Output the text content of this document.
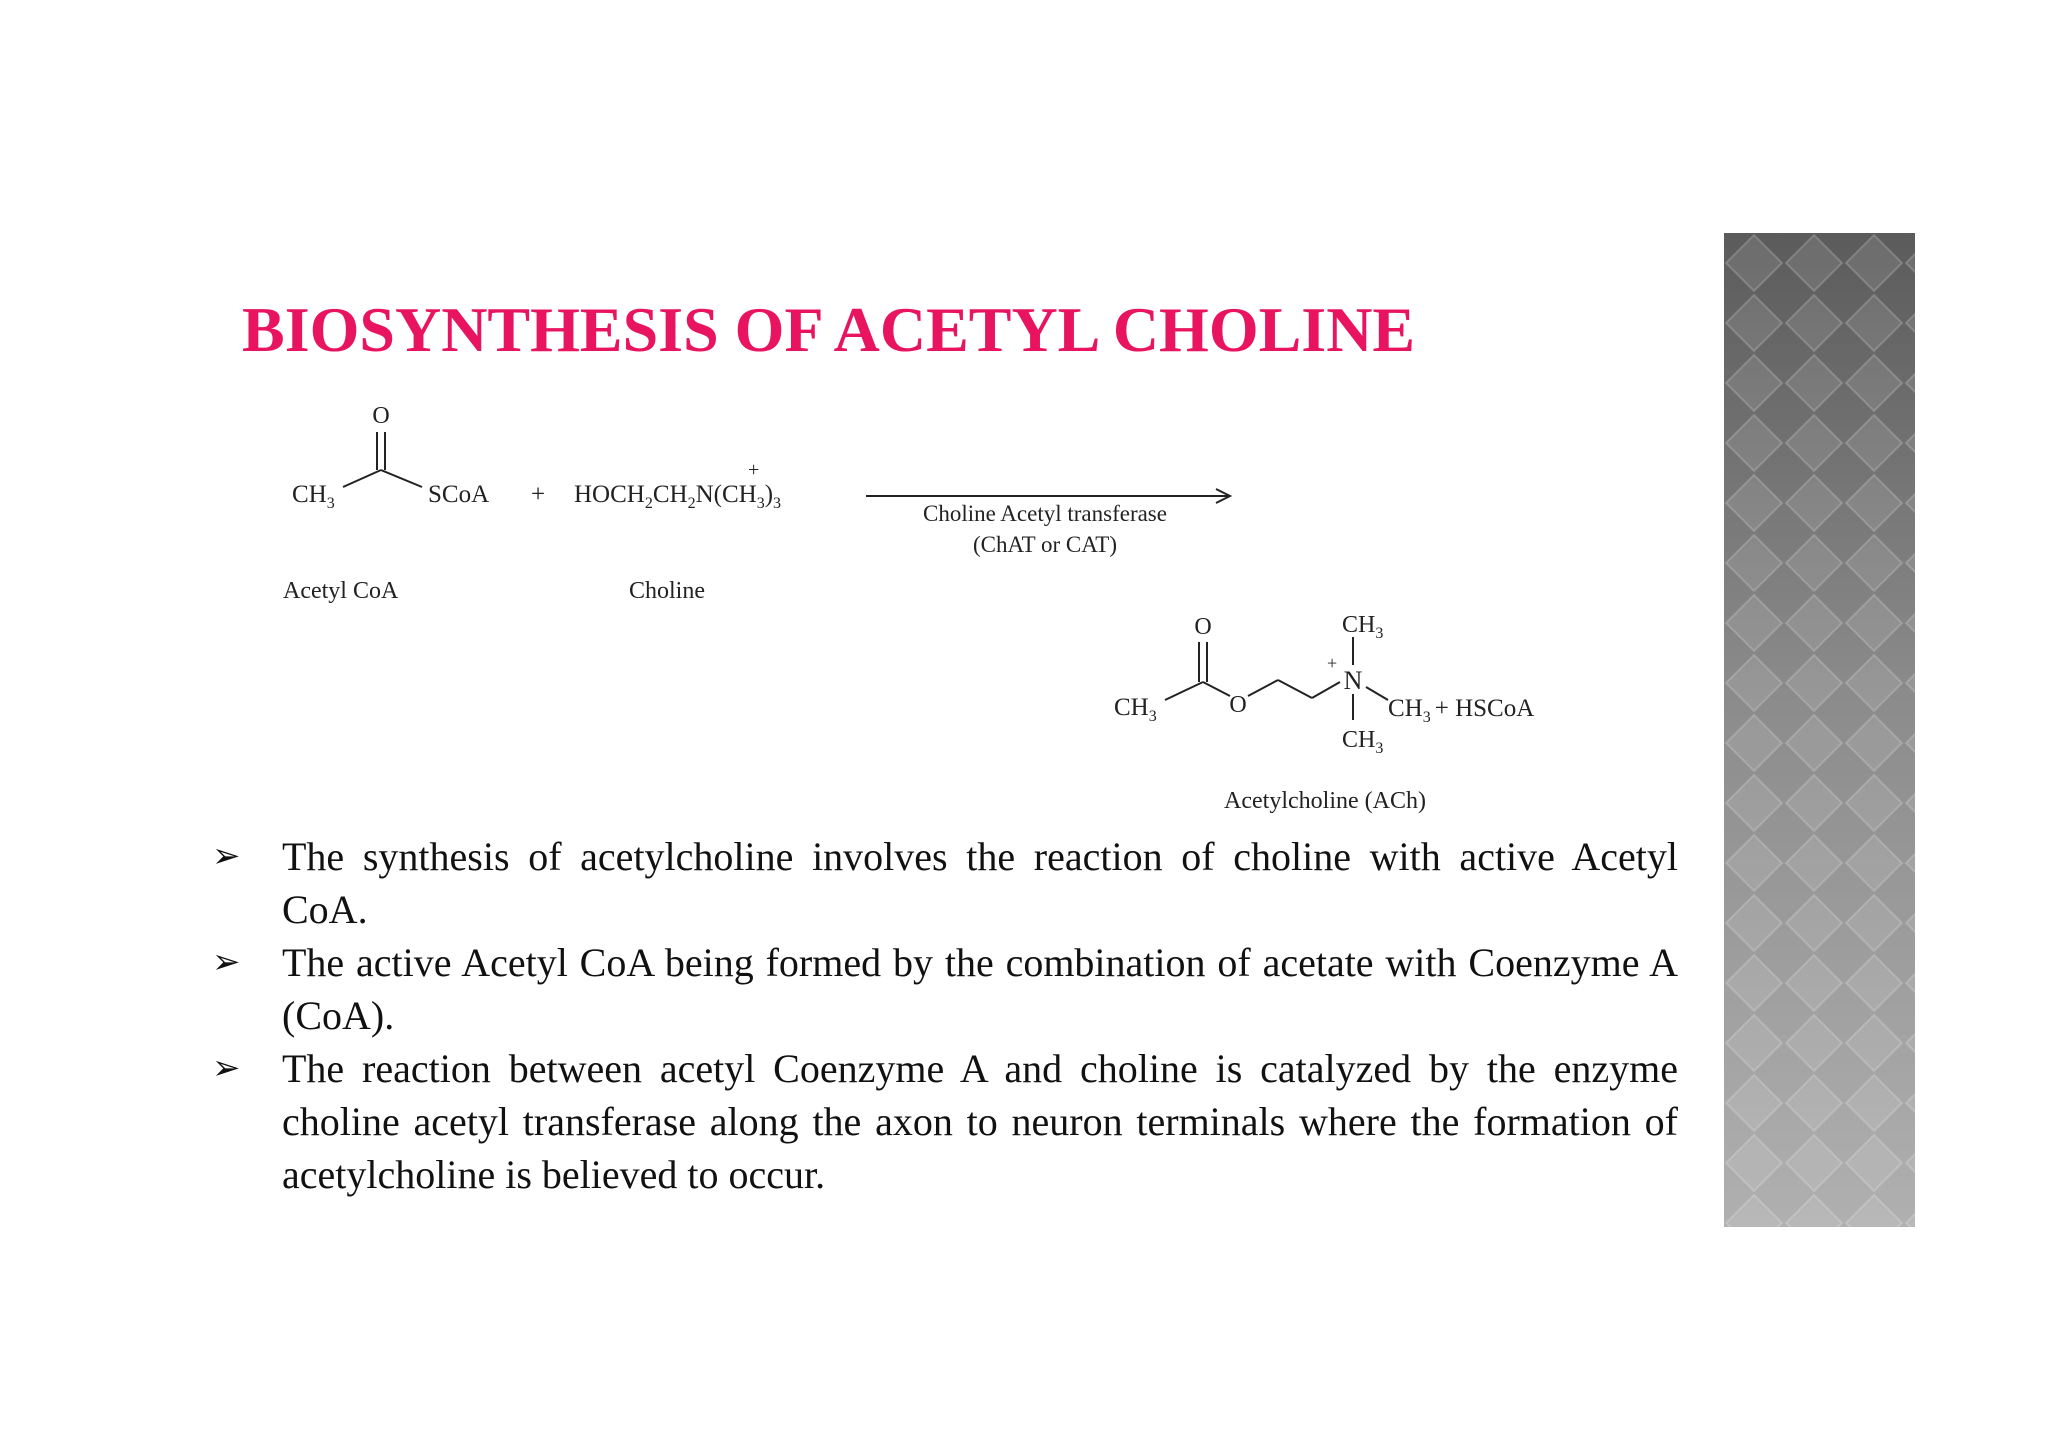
BIOSYNTHESIS OF ACETYL CHOLINE
O
$CH_3$	SCoA + $HOCH_2CH_2N(CH_3)_3$
+
Acetyl CoA	Choline
Choline Acetyl transferase
(ChAT or CAT)
O
$CH_3$	O
N
+
$CH_3$
$CH_3$
$CH_3$ + HSCoA
Acetylcholine (ACh)
➢ The synthesis of acetylcholine involves the reaction of choline with active Acetyl CoA.
➢ The active Acetyl CoA being formed by the combination of acetate with Coenzyme A (CoA).
➢ The reaction between acetyl Coenzyme A and choline is catalyzed by the enzyme choline acetyl transferase along the axon to neuron terminals where the formation of acetylcholine is believed to occur.
